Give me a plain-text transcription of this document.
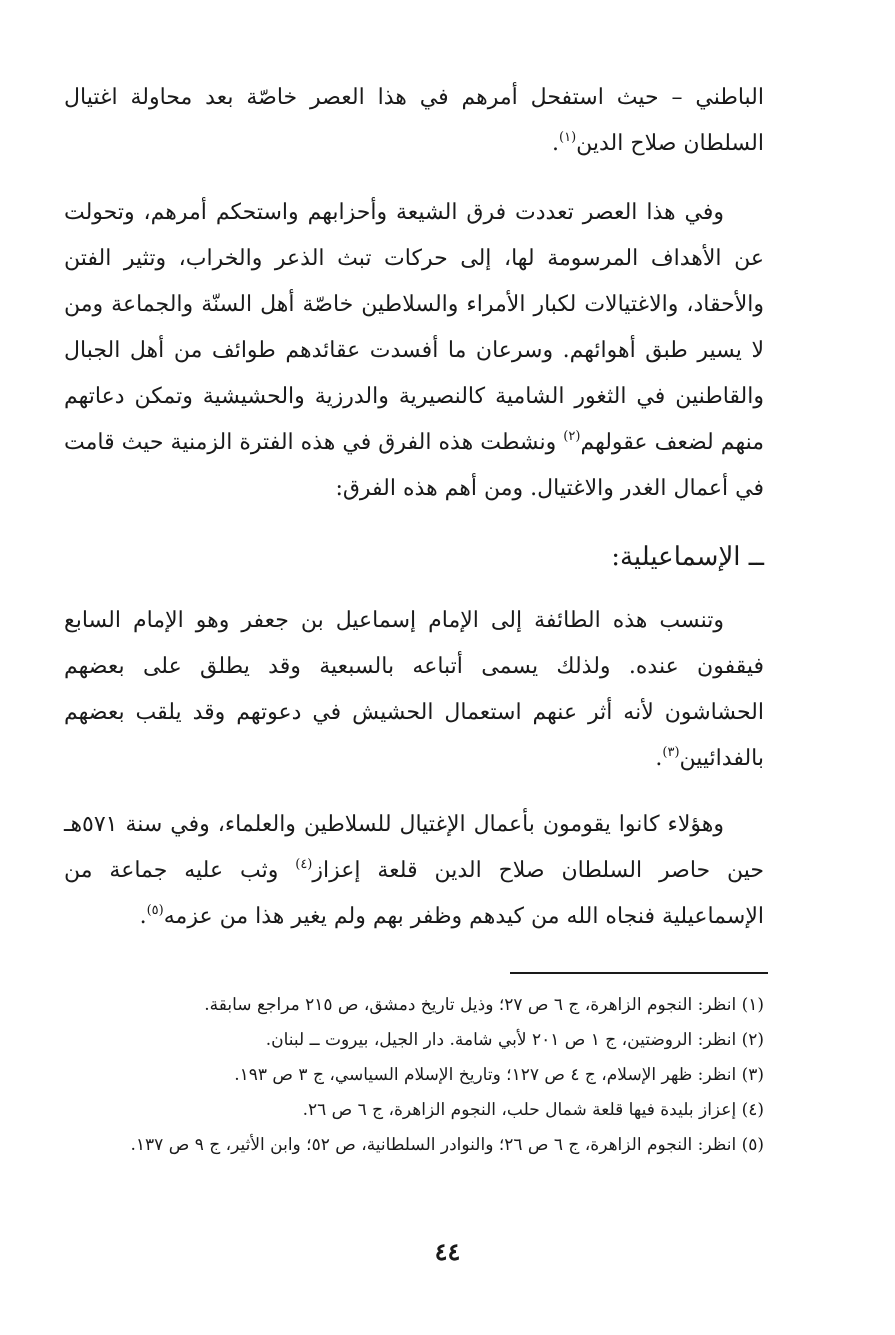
الباطني – حيث استفحل أمرهم في هذا العصر خاصّة بعد محاولة اغتيال السلطان صلاح الدين$^{(١)}$.

وفي هذا العصر تعددت فرق الشيعة وأحزابهم واستحكم أمرهم، وتحولت عن الأهداف المرسومة لها، إلى حركات تبث الذعر والخراب، وتثير الفتن والأحقاد، والاغتيالات لكبار الأمراء والسلاطين خاصّة أهل السنّة والجماعة ومن لا يسير طبق أهوائهم. وسرعان ما أفسدت عقائدهم طوائف من أهل الجبال والقاطنين في الثغور الشامية كالنصيرية والدرزية والحشيشية وتمكن دعاتهم منهم لضعف عقولهم$^{(٢)}$ ونشطت هذه الفرق في هذه الفترة الزمنية حيث قامت في أعمال الغدر والاغتيال. ومن أهم هذه الفرق:

ــ الإسماعيلية:

وتنسب هذه الطائفة إلى الإمام إسماعيل بن جعفر وهو الإمام السابع فيقفون عنده. ولذلك يسمى أتباعه بالسبعية وقد يطلق على بعضهم الحشاشون لأنه أثر عنهم استعمال الحشيش في دعوتهم وقد يلقب بعضهم بالفدائيين$^{(٣)}$.

وهؤلاء كانوا يقومون بأعمال الإغتيال للسلاطين والعلماء، وفي سنة ٥٧١هـ حين حاصر السلطان صلاح الدين قلعة إعزاز$^{(٤)}$ وثب عليه جماعة من الإسماعيلية فنجاه الله من كيدهم وظفر بهم ولم يغير هذا من عزمه$^{(٥)}$.

(١) انظر: النجوم الزاهرة، ج ٦ ص ٢٧؛ وذيل تاريخ دمشق، ص ٢١٥ مراجع سابقة.
(٢) انظر: الروضتين، ج ١ ص ٢٠١ لأبي شامة. دار الجيل، بيروت ــ لبنان.
(٣) انظر: ظهر الإسلام، ج ٤ ص ١٢٧؛ وتاريخ الإسلام السياسي، ج ٣ ص ١٩٣.
(٤) إعزاز بليدة فيها قلعة شمال حلب، النجوم الزاهرة، ج ٦ ص ٢٦.
(٥) انظر: النجوم الزاهرة، ج ٦ ص ٢٦؛ والنوادر السلطانية، ص ٥٢؛ وابن الأثير، ج ٩ ص ١٣٧.
٤٤
